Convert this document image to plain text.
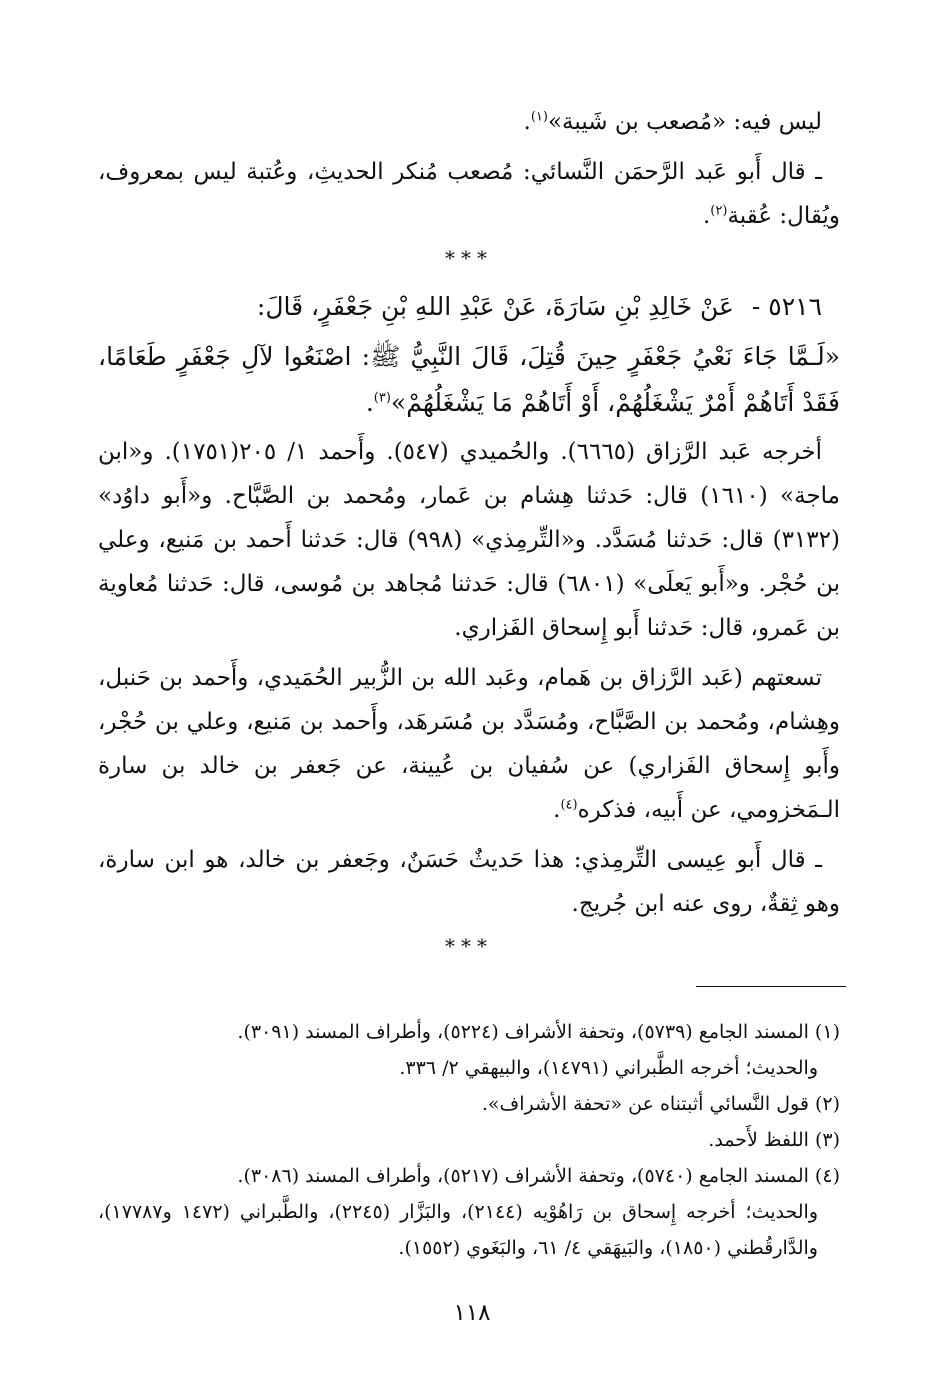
ليس فيه: «مُصعب بن شَيبة»$^{(١)}$.

ـ قال أَبو عَبد الرَّحمَن النَّسائي: مُصعب مُنكر الحديثِ، وعُتبة ليس بمعروف، ويُقال: عُقبة$^{(٢)}$.

***

٥٢١٦ - عَنْ خَالِدِ بْنِ سَارَةَ، عَنْ عَبْدِ اللهِ بْنِ جَعْفَرٍ، قَالَ:

«لَـمَّا جَاءَ نَعْيُ جَعْفَرٍ حِينَ قُتِلَ، قَالَ النَّبِيُّ ﷺ: اصْنَعُوا لآلِ جَعْفَرٍ طَعَامًا، فَقَدْ أَتَاهُمْ أَمْرٌ يَشْغَلُهُمْ، أَوْ أَتَاهُمْ مَا يَشْغَلُهُمْ»$^{(٣)}$.

أخرجه عَبد الرَّزاق (٦٦٦٥). والحُميدي (٥٤٧). وأَحمد ١/ ٢٠٥(١٧٥١). و«ابن ماجة» (١٦١٠) قال: حَدثنا هِشام بن عَمار، ومُحمد بن الصَّبَّاح. و«أَبو داوُد» (٣١٣٢) قال: حَدثنا مُسَدَّد. و«التِّرمِذي» (٩٩٨) قال: حَدثنا أَحمد بن مَنيع، وعلي بن حُجْر. و«أَبو يَعلَى» (٦٨٠١) قال: حَدثنا مُجاهد بن مُوسى، قال: حَدثنا مُعاوية بن عَمرو، قال: حَدثنا أَبو إِسحاق الفَزاري.

تسعتهم (عَبد الرَّزاق بن هَمام، وعَبد الله بن الزُّبير الحُمَيدي، وأَحمد بن حَنبل، وهِشام، ومُحمد بن الصَّبَّاح، ومُسَدَّد بن مُسَرهَد، وأَحمد بن مَنيع، وعلي بن حُجْر، وأَبو إِسحاق الفَزاري) عن سُفيان بن عُيينة، عن جَعفر بن خالد بن سارة الـمَخزومي، عن أَبيه، فذكره$^{(٤)}$.

ـ قال أَبو عِيسى التِّرمِذي: هذا حَديثٌ حَسَنٌ، وجَعفر بن خالد، هو ابن سارة، وهو ثِقةٌ، روى عنه ابن جُريج.

***

(١) المسند الجامع (٥٧٣٩)، وتحفة الأشراف (٥٢٢٤)، وأطراف المسند (٣٠٩١).

والحديث؛ أخرجه الطَّبراني (١٤٧٩١)، والبيهقي ٢/ ٣٣٦.

(٢) قول النَّسائي أثبتناه عن «تحفة الأشراف».

(٣) اللفظ لأَحمد.

(٤) المسند الجامع (٥٧٤٠)، وتحفة الأشراف (٥٢١٧)، وأطراف المسند (٣٠٨٦).

والحديث؛ أخرجه إِسحاق بن رَاهُوْيه (٢١٤٤)، والبَزَّار (٢٢٤٥)، والطَّبراني (١٤٧٢ و١٧٧٨٧)، والدَّارقُطني (١٨٥٠)، والبَيهَقي ٤/ ٦١، والبَغَوي (١٥٥٢).

١١٨
